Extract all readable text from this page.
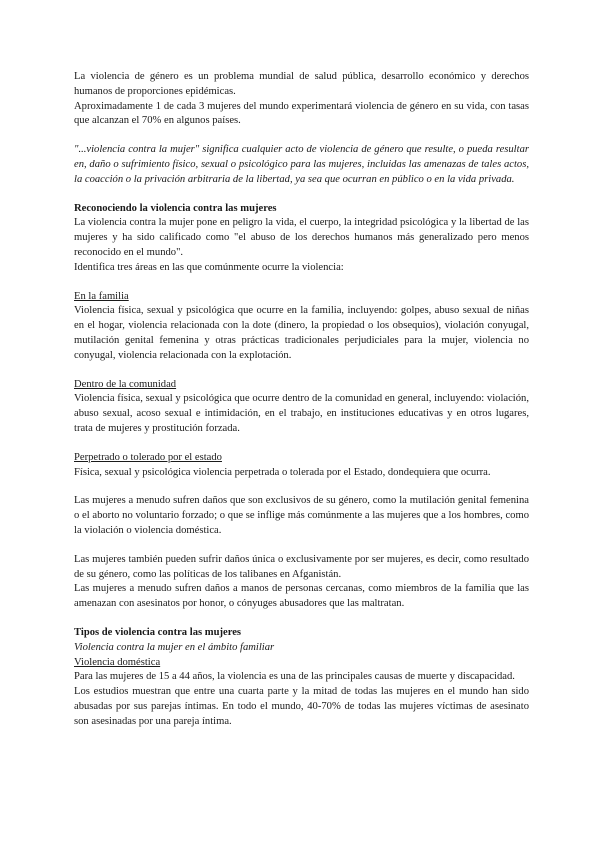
La violencia de género es un problema mundial de salud pública, desarrollo económico y derechos humanos de proporciones epidémicas.

Aproximadamente 1 de cada 3 mujeres del mundo experimentará violencia de género en su vida, con tasas que alcanzan el 70% en algunos países.

"...violencia contra la mujer" significa cualquier acto de violencia de género que resulte, o pueda resultar en, daño o sufrimiento físico, sexual o psicológico para las mujeres, incluidas las amenazas de tales actos, la coacción o la privación arbitraria de la libertad, ya sea que ocurran en público o en la vida privada.

Reconociendo la violencia contra las mujeres

La violencia contra la mujer pone en peligro la vida, el cuerpo, la integridad psicológica y la libertad de las mujeres y ha sido calificado como "el abuso de los derechos humanos más generalizado pero menos reconocido en el mundo".

Identifica tres áreas en las que comúnmente ocurre la violencia:

En la familia

Violencia física, sexual y psicológica que ocurre en la familia, incluyendo: golpes, abuso sexual de niñas en el hogar, violencia relacionada con la dote (dinero, la propiedad o los obsequios), violación conyugal, mutilación genital femenina y otras prácticas tradicionales perjudiciales para la mujer, violencia no conyugal, violencia relacionada con la explotación.

Dentro de la comunidad

Violencia física, sexual y psicológica que ocurre dentro de la comunidad en general, incluyendo: violación, abuso sexual, acoso sexual e intimidación, en el trabajo, en instituciones educativas y en otros lugares, trata de mujeres y prostitución forzada.

Perpetrado o tolerado por el estado

Física, sexual y psicológica violencia perpetrada o tolerada por el Estado, dondequiera que ocurra.

Las mujeres a menudo sufren daños que son exclusivos de su género, como la mutilación genital femenina o el aborto no voluntario forzado; o que se inflige más comúnmente a las mujeres que a los hombres, como la violación o violencia doméstica.

Las mujeres también pueden sufrir daños única o exclusivamente por ser mujeres, es decir, como resultado de su género, como las políticas de los talibanes en Afganistán.

Las mujeres a menudo sufren daños a manos de personas cercanas, como miembros de la familia que las amenazan con asesinatos por honor, o cónyuges abusadores que las maltratan.

Tipos de violencia contra las mujeres

Violencia contra la mujer en el ámbito familiar

Violencia doméstica

Para las mujeres de 15 a 44 años, la violencia es una de las principales causas de muerte y discapacidad.

Los estudios muestran que entre una cuarta parte y la mitad de todas las mujeres en el mundo han sido abusadas por sus parejas íntimas. En todo el mundo, 40-70% de todas las mujeres víctimas de asesinato son asesinadas por una pareja íntima.
